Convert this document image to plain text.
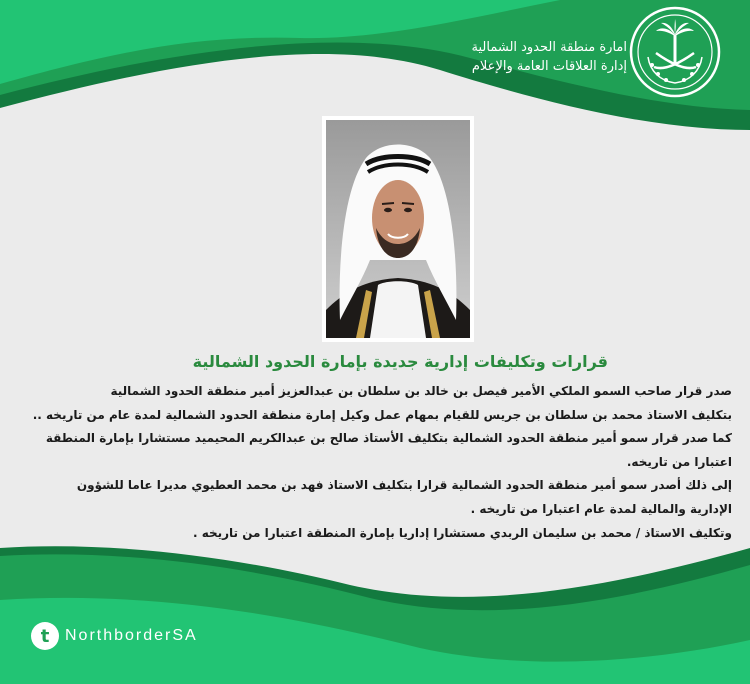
امارة منطقة الحدود الشمالية
إدارة العلاقات العامة والإعلام
قرارات وتكليفات إدارية جديدة بإمارة الحدود الشمالية

صدر قرار صاحب السمو الملكي الأمير فيصل بن خالد بن سلطان بن عبدالعزيز أمير منطقة الحدود الشمالية

بتكليف الاستاذ محمد بن سلطان بن جريس للقيام بمهام عمل وكيل إمارة منطقة الحدود الشمالية لمدة عام من تاريخه ..

كما صدر قرار سمو أمير منطقة الحدود الشمالية بتكليف الأستاذ صالح بن عبدالكريم المحيميد مستشارا بإمارة المنطقة

اعتبارا من تاريخه.

إلى ذلك أصدر سمو أمير منطقة الحدود الشمالية قرارا بتكليف الاستاذ فهد بن محمد العطيوي مديرا عاما للشؤون

الإدارية والمالية لمدة عام اعتبارا من تاريخه .

وتكليف الاستاذ / محمد بن سليمان الربدي مستشارا إداريا بإمارة المنطقة اعتبارا من تاريخه .

t NorthborderSA
